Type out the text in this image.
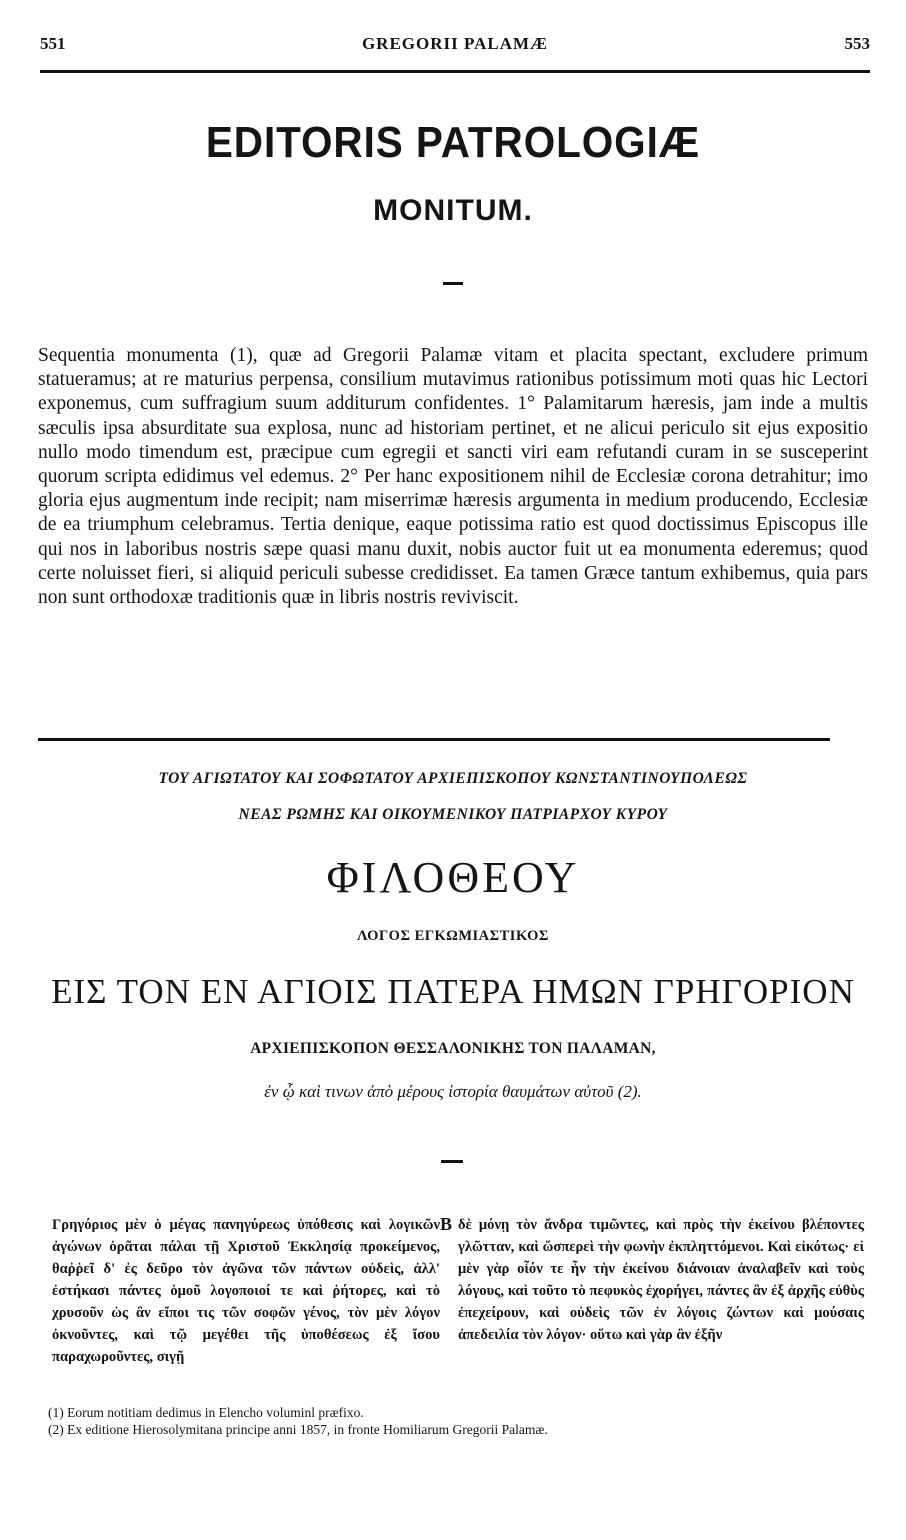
551	GREGORII PALAMÆ	553
EDITORIS PATROLOGIÆ
MONITUM.
Sequentia monumenta (1), quæ ad Gregorii Palamæ vitam et placita spectant, excludere primum statueramus; at re maturius perpensa, consilium mutavimus rationibus potissimum moti quas hic Lectori exponemus, cum suffragium suum additurum confidentes. 1° Palamitarum hæresis, jam inde a multis sæculis ipsa absurditate sua explosa, nunc ad historiam pertinet, et ne alicui periculo sit ejus expositio nullo modo timendum est, præcipue cum egregii et sancti viri eam refutandi curam in se susceperint quorum scripta edidimus vel edemus. 2° Per hanc expositionem nihil de Ecclesiæ corona detrahitur; imo gloria ejus augmentum inde recipit; nam miserrimæ hæresis argumenta in medium producendo, Ecclesiæ de ea triumphum celebramus. Tertia denique, eaque potissima ratio est quod doctissimus Episcopus ille qui nos in laboribus nostris sæpe quasi manu duxit, nobis auctor fuit ut ea monumenta ederemus; quod certe noluisset fieri, si aliquid periculi subesse credidisset. Ea tamen Græce tantum exhibemus, quia pars non sunt orthodoxæ traditionis quæ in libris nostris reviviscit.
ΤΟΥ ΑΓΙΩΤΑΤΟΥ ΚΑΙ ΣΟΦΩΤΑΤΟΥ ΑΡΧΙΕΠΙΣΚΟΠΟΥ ΚΩΝΣΤΑΝΤΙΝΟΥΠΟΛΕΩΣ
ΝΕΑΣ ΡΩΜΗΣ ΚΑΙ ΟΙΚΟΥΜΕΝΙΚΟΥ ΠΑΤΡΙΑΡΧΟΥ ΚΥΡΟΥ
ΦΙΛΟΘΕΟΥ
ΛΟΓΟΣ ΕΓΚΩΜΙΑΣΤΙΚΟΣ
ΕΙΣ ΤΟΝ ΕΝ ΑΓΙΟΙΣ ΠΑΤΕΡΑ ΗΜΩΝ ΓΡΗΓΟΡΙΟΝ
ΑΡΧΙΕΠΙΣΚΟΠΟΝ ΘΕΣΣΑΛΟΝΙΚΗΣ ΤΟΝ ΠΑΛΑΜΑΝ,
ἐν ᾧ καὶ τινων ἀπὸ μέρους ἱστορία θαυμάτων αὐτοῦ (2).
Γρηγόριος μὲν ὁ μέγας πανηγύρεως ὑπόθεσις καὶ λογικῶν ἀγώνων ὁρᾶται πάλαι τῇ Χριστοῦ Ἐκκλησίᾳ προκείμενος, θαῤῥεῖ δ' ἐς δεῦρο τὸν ἀγῶνα τῶν πάντων οὐδεὶς, ἀλλ' ἐστήκασι πάντες ὁμοῦ λογοποιοί τε καὶ ῥήτορες, καὶ τὸ χρυσοῦν ὡς ἂν εἴποι τις τῶν σοφῶν γένος, τὸν μὲν λόγον ὀκνοῦντες, καὶ τῷ μεγέθει τῆς ὑποθέσεως ἐξ ἴσου παραχωροῦντες, σιγῇ
B δὲ μόνῃ τὸν ἄνδρα τιμῶντες, καὶ πρὸς τὴν ἐκείνου βλέποντες γλῶτταν, καὶ ὥσπερεὶ τὴν φωνὴν ἐκπληττόμενοι. Καὶ εἰκότως· εἰ μὲν γὰρ οἷόν τε ἦν τὴν ἐκείνου διάνοιαν ἀναλαβεῖν καὶ τοὺς λόγους, καὶ τοῦτο τὸ πεφυκὸς ἐχορήγει, πάντες ἂν ἐξ ἀρχῆς εὐθὺς ἐπεχείρουν, καὶ οὐδεὶς τῶν ἐν λόγοις ζώντων καὶ μούσαις ἀπεδειλία τὸν λόγον· οὕτω καὶ γὰρ ἂν ἐξῆν
(1) Eorum notitiam dedimus in Elencho voluminl præfixo.
(2) Ex editione Hierosolymitana principe anni 1857, in fronte Homiliarum Gregorii Palamæ.
